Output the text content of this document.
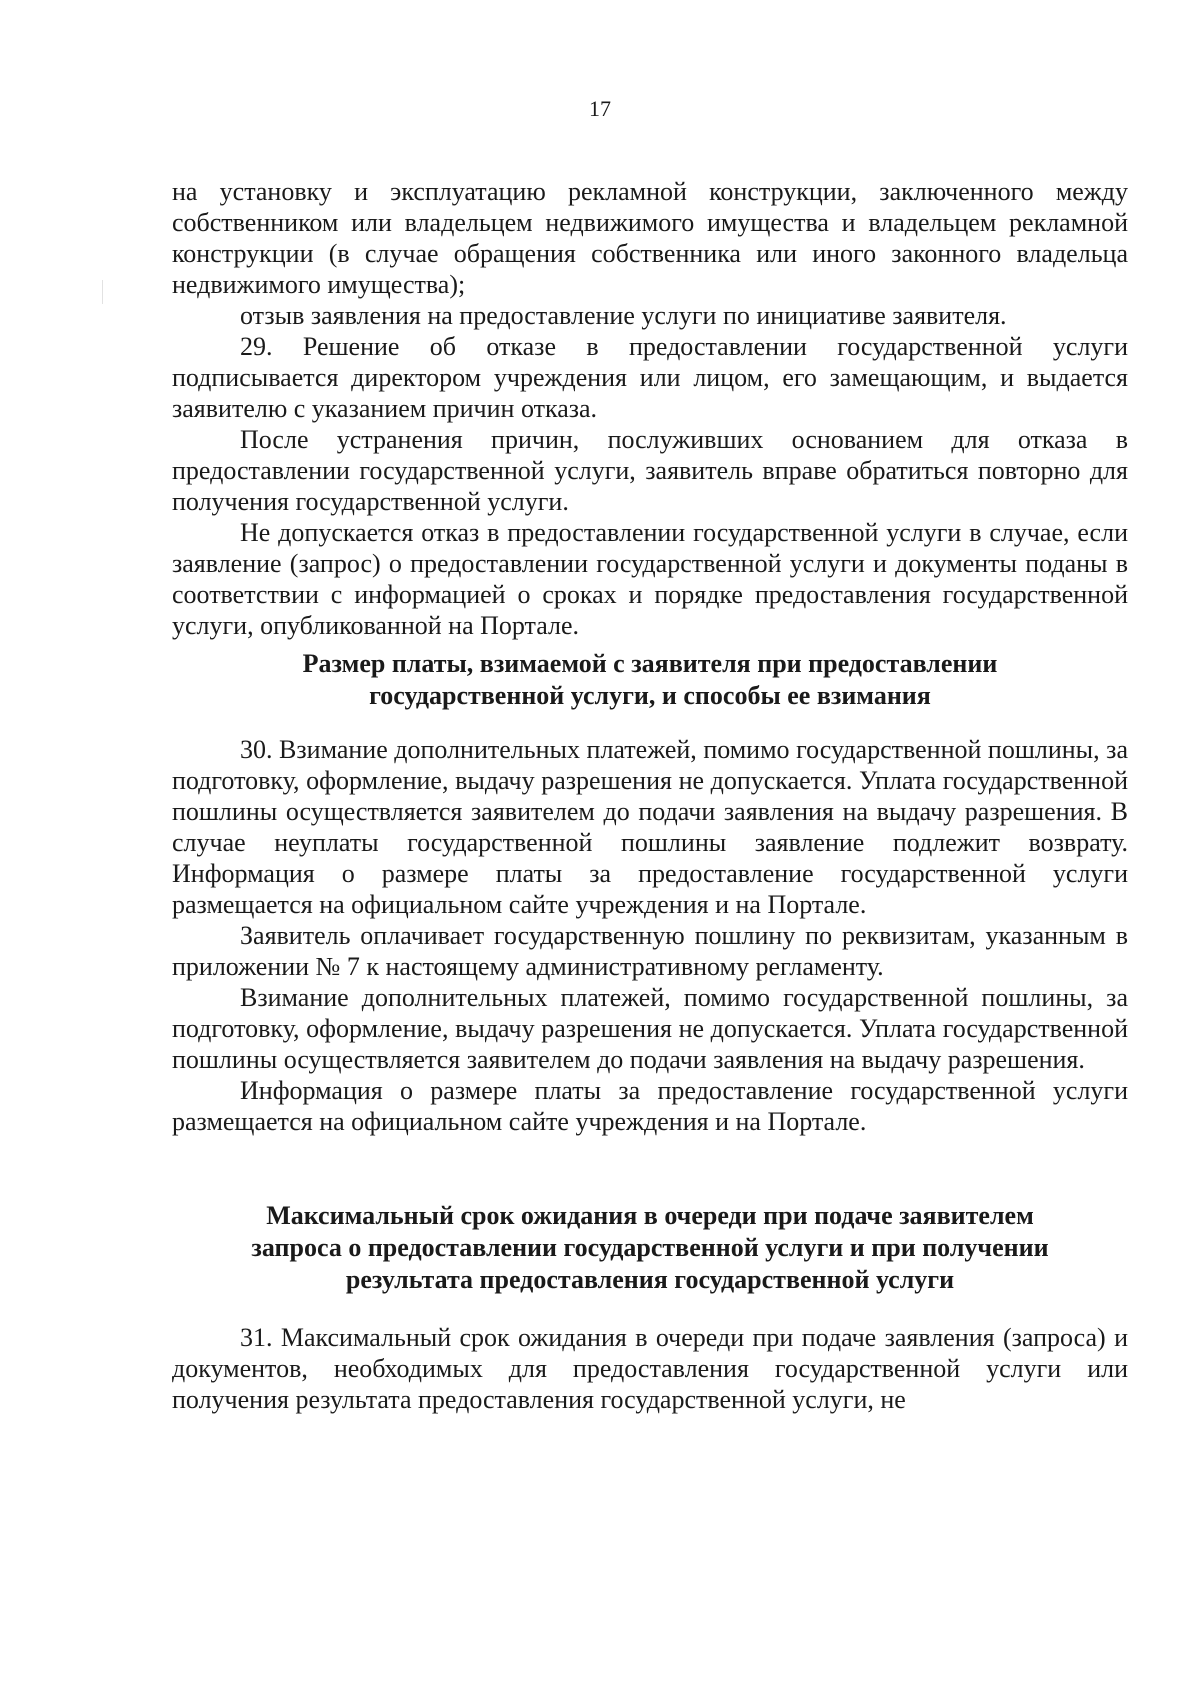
17

на установку и эксплуатацию рекламной конструкции, заключенного между собственником или владельцем недвижимого имущества и владельцем рекламной конструкции (в случае обращения собственника или иного законного владельца недвижимого имущества);

отзыв заявления на предоставление услуги по инициативе заявителя.

29. Решение об отказе в предоставлении государственной услуги подписывается директором учреждения или лицом, его замещающим, и выдается заявителю с указанием причин отказа.

После устранения причин, послуживших основанием для отказа в предоставлении государственной услуги, заявитель вправе обратиться повторно для получения государственной услуги.

Не допускается отказ в предоставлении государственной услуги в случае, если заявление (запрос) о предоставлении государственной услуги и документы поданы в соответствии с информацией о сроках и порядке предоставления государственной услуги, опубликованной на Портале.

Размер платы, взимаемой с заявителя при предоставлении
государственной услуги, и способы ее взимания

30. Взимание дополнительных платежей, помимо государственной пошлины, за подготовку, оформление, выдачу разрешения не допускается. Уплата государственной пошлины осуществляется заявителем до подачи заявления на выдачу разрешения. В случае неуплаты государственной пошлины заявление подлежит возврату. Информация о размере платы за предоставление государственной услуги размещается на официальном сайте учреждения и на Портале.

Заявитель оплачивает государственную пошлину по реквизитам, указанным в приложении № 7 к настоящему административному регламенту.

Взимание дополнительных платежей, помимо государственной пошлины, за подготовку, оформление, выдачу разрешения не допускается. Уплата государственной пошлины осуществляется заявителем до подачи заявления на выдачу разрешения.

Информация о размере платы за предоставление государственной услуги размещается на официальном сайте учреждения и на Портале.

Максимальный срок ожидания в очереди при подаче заявителем
запроса о предоставлении государственной услуги и при получении
результата предоставления государственной услуги

31. Максимальный срок ожидания в очереди при подаче заявления (запроса) и документов, необходимых для предоставления государственной услуги или получения результата предоставления государственной услуги, не
